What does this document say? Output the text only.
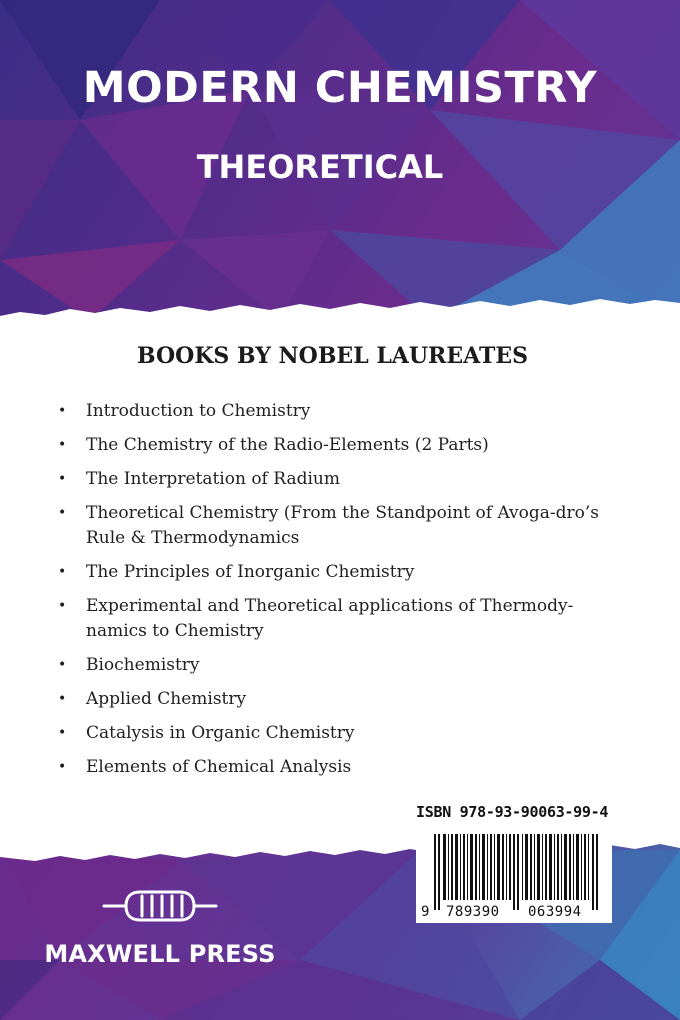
MODERN CHEMISTRY
THEORETICAL
BOOKS BY NOBEL LAUREATES
•	Introduction to Chemistry
•	The Chemistry of the Radio-Elements (2 Parts)
•	The Interpretation of Radium
•	Theoretical Chemistry (From the Standpoint of Avoga-dro’s Rule & Thermodynamics
•	The Principles of Inorganic Chemistry
•	Experimental and Theoretical applications of Thermody-namics to Chemistry
•	Biochemistry
•	Applied Chemistry
•	Catalysis in Organic Chemistry
•	Elements of Chemical Analysis
ISBN 978-93-90063-99-4
9 789390 063994
MAXWELL PRESS
